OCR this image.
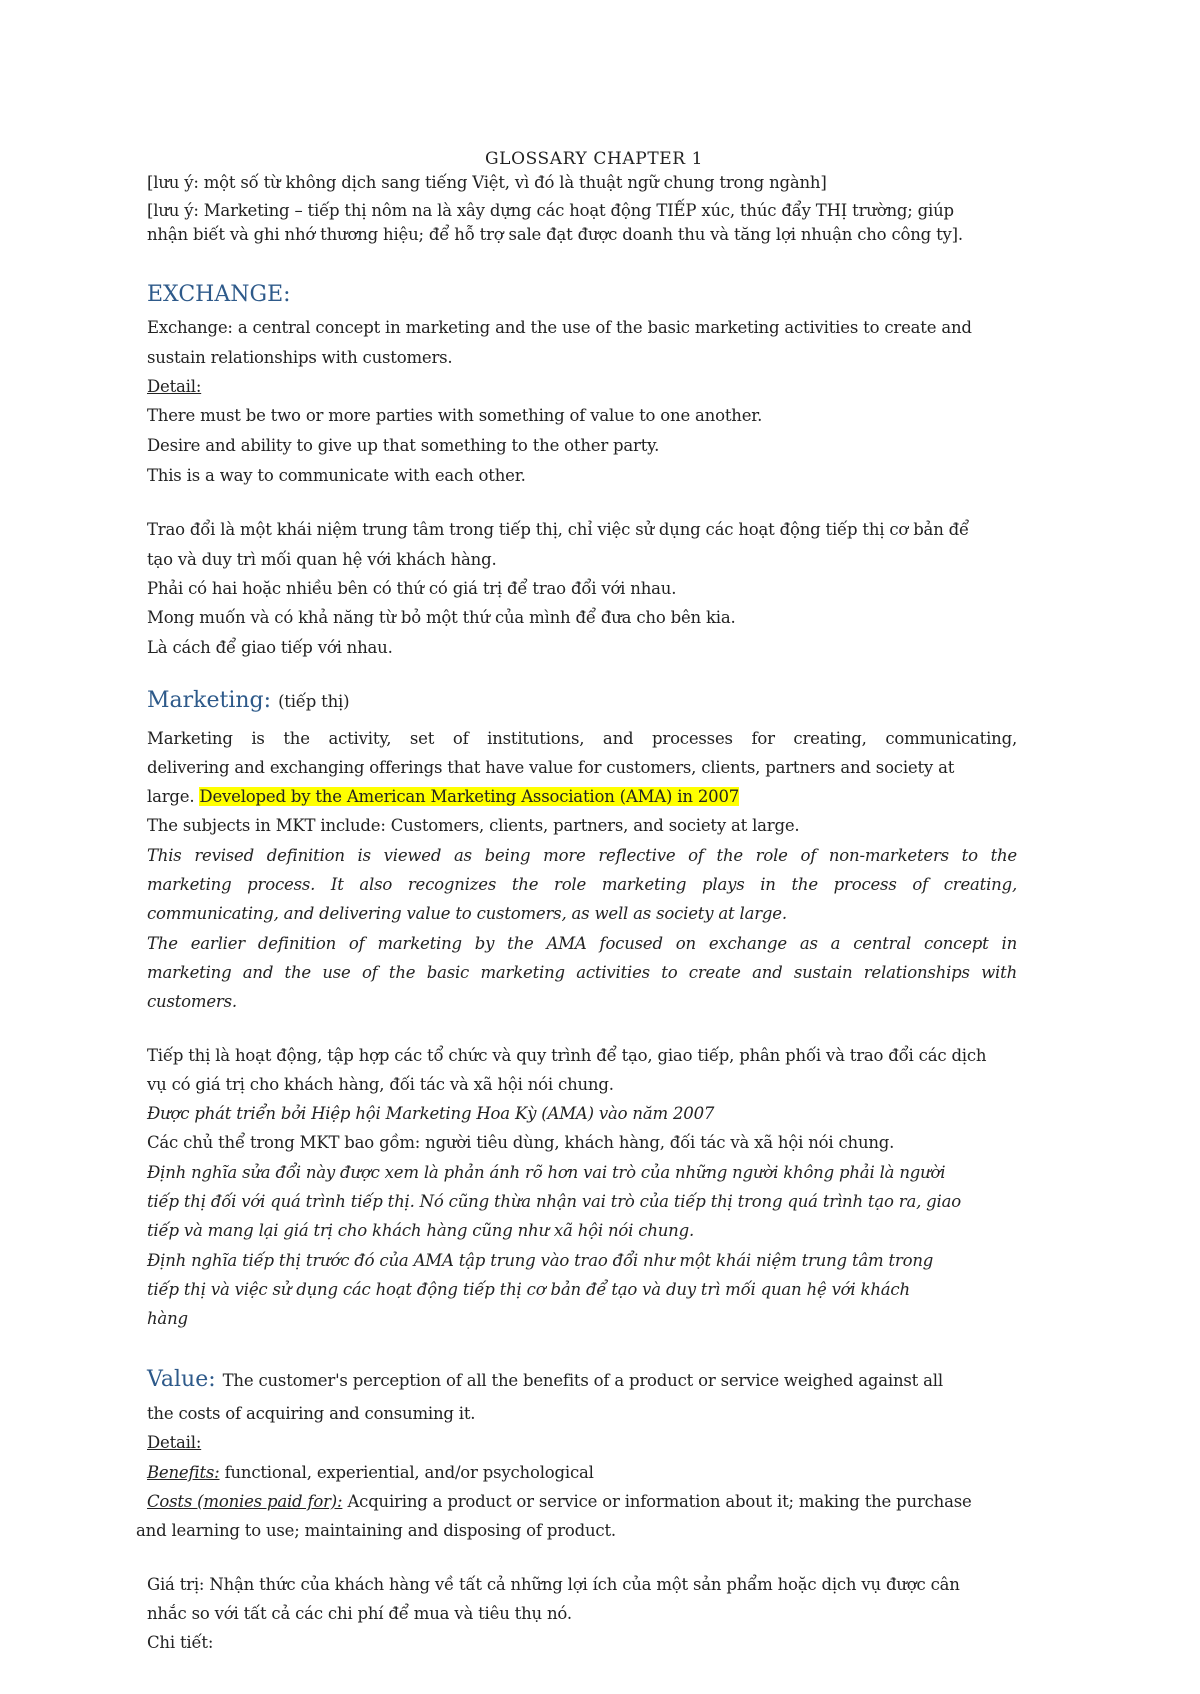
GLOSSARY CHAPTER 1

[lưu ý: một số từ không dịch sang tiếng Việt, vì đó là thuật ngữ chung trong ngành]

[lưu ý: Marketing – tiếp thị nôm na là xây dựng các hoạt động TIẾP xúc, thúc đẩy THỊ trường; giúp

nhận biết và ghi nhớ thương hiệu; để hỗ trợ sale đạt được doanh thu và tăng lợi nhuận cho công ty].

EXCHANGE:

Exchange: a central concept in marketing and the use of the basic marketing activities to create and

sustain relationships with customers.

Detail:

There must be two or more parties with something of value to one another.

Desire and ability to give up that something to the other party.

This is a way to communicate with each other.

Trao đổi là một khái niệm trung tâm trong tiếp thị, chỉ việc sử dụng các hoạt động tiếp thị cơ bản để

tạo và duy trì mối quan hệ với khách hàng.

Phải có hai hoặc nhiều bên có thứ có giá trị để trao đổi với nhau.

Mong muốn và có khả năng từ bỏ một thứ của mình để đưa cho bên kia.

Là cách để giao tiếp với nhau.

Marketing: (tiếp thị)

Marketing is the activity, set of institutions, and processes for creating, communicating,

delivering and exchanging offerings that have value for customers, clients, partners and society at

large. Developed by the American Marketing Association (AMA) in 2007

The subjects in MKT include: Customers, clients, partners, and society at large.

This revised definition is viewed as being more reflective of the role of non-marketers to the

marketing process. It also recognizes the role marketing plays in the process of creating,

communicating, and delivering value to customers, as well as society at large.

The earlier definition of marketing by the AMA focused on exchange as a central concept in

marketing and the use of the basic marketing activities to create and sustain relationships with

customers.

Tiếp thị là hoạt động, tập hợp các tổ chức và quy trình để tạo, giao tiếp, phân phối và trao đổi các dịch

vụ có giá trị cho khách hàng, đối tác và xã hội nói chung.

Được phát triển bởi Hiệp hội Marketing Hoa Kỳ (AMA) vào năm 2007

Các chủ thể trong MKT bao gồm: người tiêu dùng, khách hàng, đối tác và xã hội nói chung.

Định nghĩa sửa đổi này được xem là phản ánh rõ hơn vai trò của những người không phải là người

tiếp thị đối với quá trình tiếp thị. Nó cũng thừa nhận vai trò của tiếp thị trong quá trình tạo ra, giao

tiếp và mang lại giá trị cho khách hàng cũng như xã hội nói chung.

Định nghĩa tiếp thị trước đó của AMA tập trung vào trao đổi như một khái niệm trung tâm trong

tiếp thị và việc sử dụng các hoạt động tiếp thị cơ bản để tạo và duy trì mối quan hệ với khách

hàng

Value: The customer's perception of all the benefits of a product or service weighed against all

the costs of acquiring and consuming it.

Detail:

Benefits: functional, experiential, and/or psychological

Costs (monies paid for): Acquiring a product or service or information about it; making the purchase

and learning to use; maintaining and disposing of product.

Giá trị: Nhận thức của khách hàng về tất cả những lợi ích của một sản phẩm hoặc dịch vụ được cân

nhắc so với tất cả các chi phí để mua và tiêu thụ nó.

Chi tiết:
